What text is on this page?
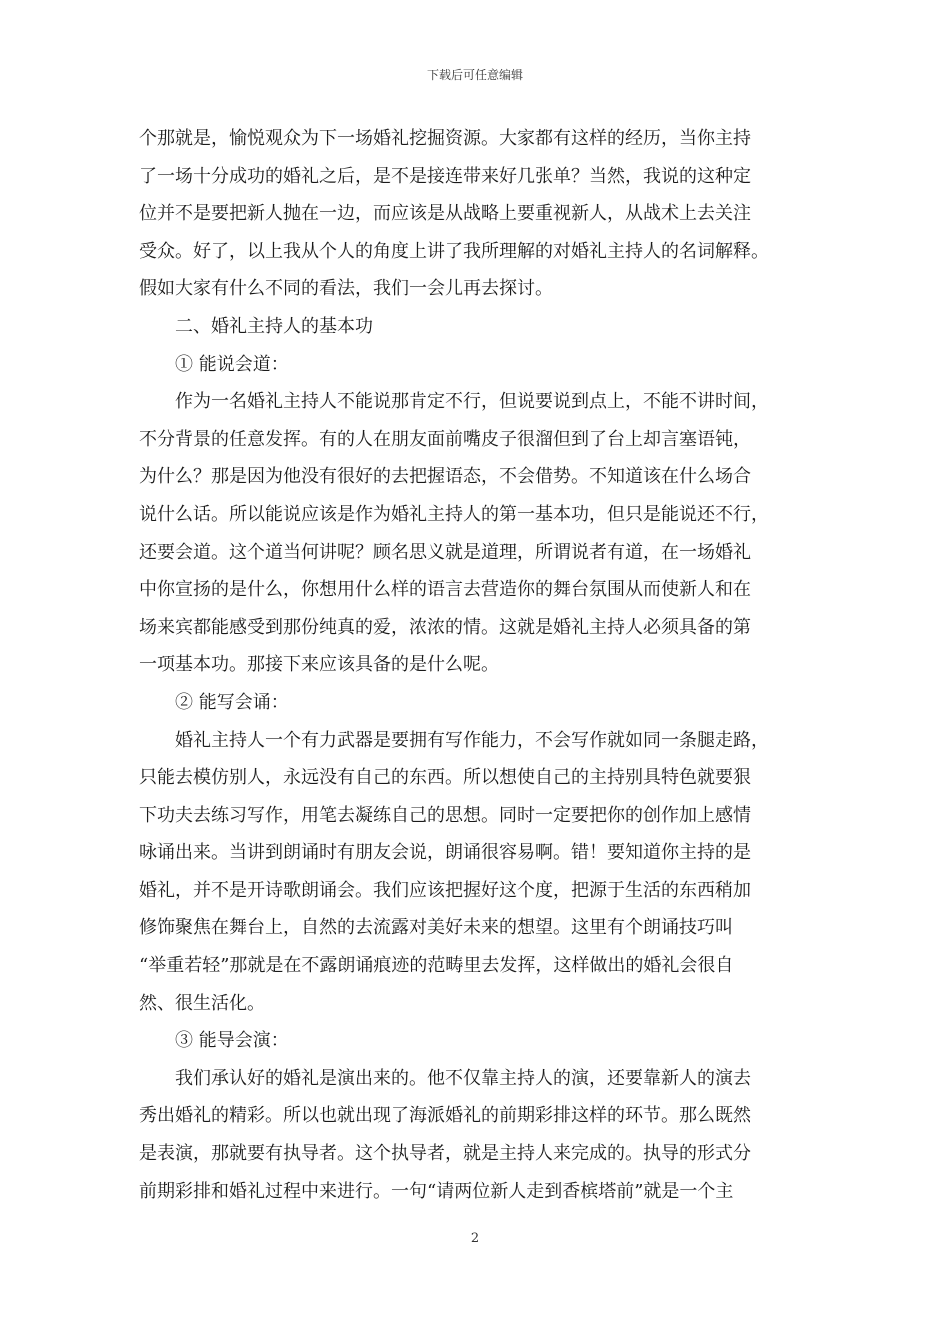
下载后可任意编辑

个那就是，愉悦观众为下一场婚礼挖掘资源。大家都有这样的经历，当你主持
了一场十分成功的婚礼之后，是不是接连带来好几张单？当然，我说的这种定
位并不是要把新人抛在一边，而应该是从战略上要重视新人，从战术上去关注
受众。好了，以上我从个人的角度上讲了我所理解的对婚礼主持人的名词解释。
假如大家有什么不同的看法，我们一会儿再去探讨。

二、婚礼主持人的基本功

① 能说会道：

作为一名婚礼主持人不能说那肯定不行，但说要说到点上，不能不讲时间，
不分背景的任意发挥。有的人在朋友面前嘴皮子很溜但到了台上却言塞语钝，
为什么？那是因为他没有很好的去把握语态，不会借势。不知道该在什么场合
说什么话。所以能说应该是作为婚礼主持人的第一基本功，但只是能说还不行，
还要会道。这个道当何讲呢？顾名思义就是道理，所谓说者有道，在一场婚礼
中你宣扬的是什么，你想用什么样的语言去营造你的舞台氛围从而使新人和在
场来宾都能感受到那份纯真的爱，浓浓的情。这就是婚礼主持人必须具备的第
一项基本功。那接下来应该具备的是什么呢。

② 能写会诵：

婚礼主持人一个有力武器是要拥有写作能力，不会写作就如同一条腿走路，
只能去模仿别人，永远没有自己的东西。所以想使自己的主持别具特色就要狠
下功夫去练习写作，用笔去凝练自己的思想。同时一定要把你的创作加上感情
咏诵出来。当讲到朗诵时有朋友会说，朗诵很容易啊。错！要知道你主持的是
婚礼，并不是开诗歌朗诵会。我们应该把握好这个度，把源于生活的东西稍加
修饰聚焦在舞台上，自然的去流露对美好未来的想望。这里有个朗诵技巧叫
“举重若轻”那就是在不露朗诵痕迹的范畴里去发挥，这样做出的婚礼会很自
然、很生活化。

③ 能导会演：

我们承认好的婚礼是演出来的。他不仅靠主持人的演，还要靠新人的演去
秀出婚礼的精彩。所以也就出现了海派婚礼的前期彩排这样的环节。那么既然
是表演，那就要有执导者。这个执导者，就是主持人来完成的。执导的形式分
前期彩排和婚礼过程中来进行。一句“请两位新人走到香槟塔前”就是一个主

2
